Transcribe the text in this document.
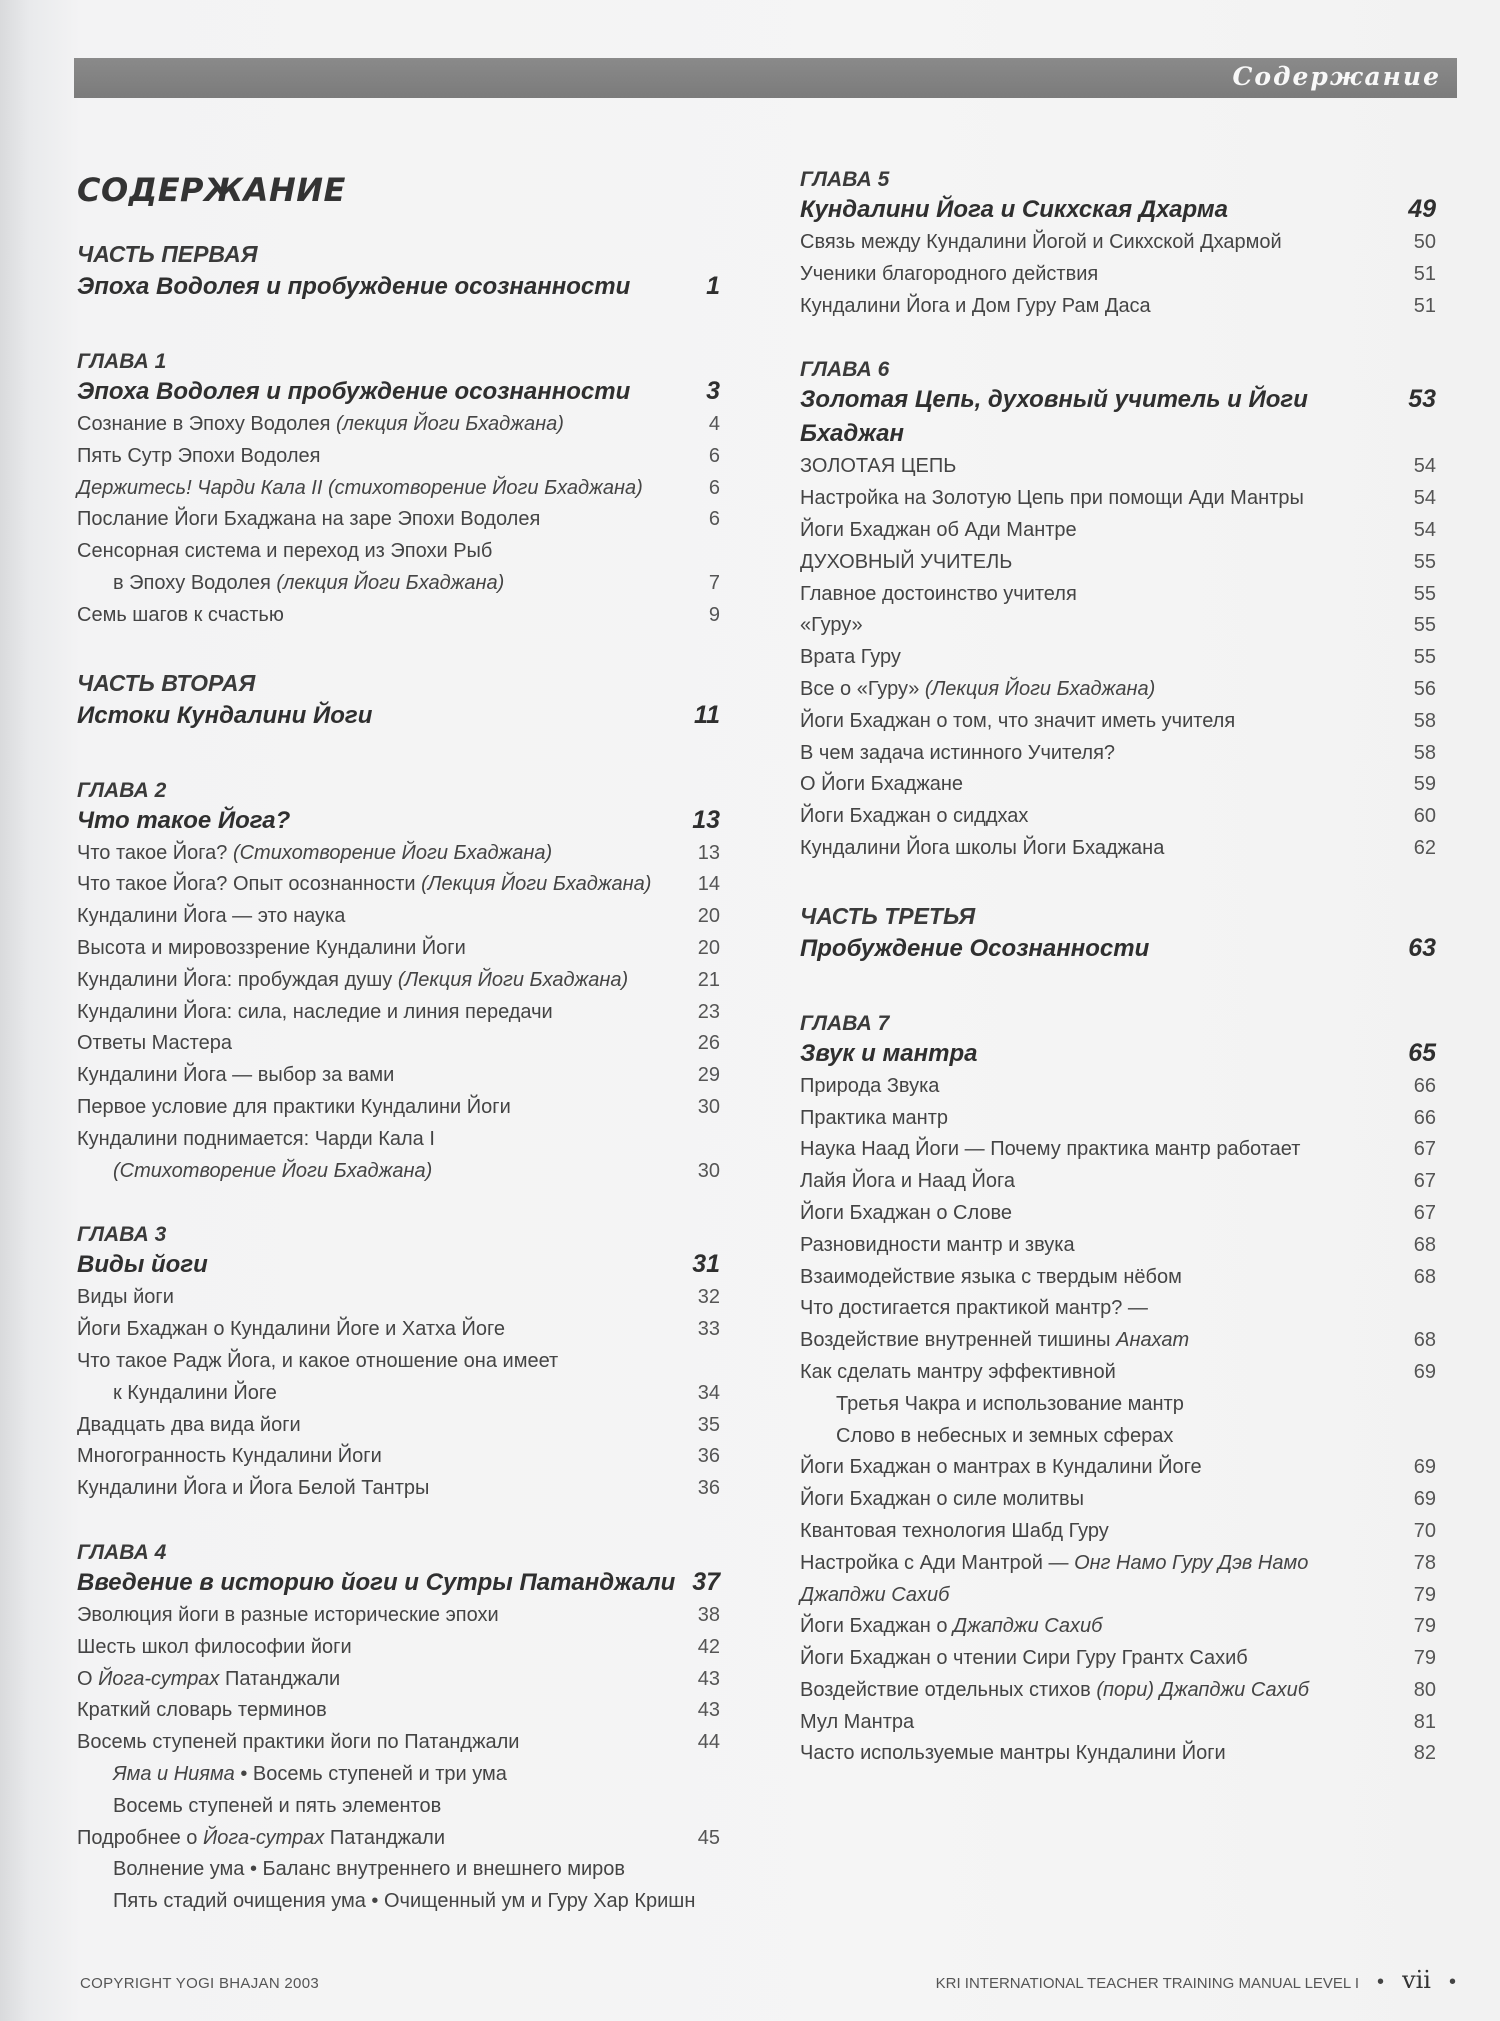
Содержание
СОДЕРЖАНИЕ
ЧАСТЬ ПЕРВАЯ
Эпоха Водолея и пробуждение осознанности	1
ГЛАВА 1
Эпоха Водолея и пробуждение осознанности	3
Сознание в Эпоху Водолея (лекция Йоги Бхаджана)	4
Пять Сутр Эпохи Водолея	6
Держитесь! Чарди Кала II (стихотворение Йоги Бхаджана)	6
Послание Йоги Бхаджана на заре Эпохи Водолея	6
Сенсорная система и переход из Эпохи Рыб
в Эпоху Водолея (лекция Йоги Бхаджана)	7
Семь шагов к счастью	9
ЧАСТЬ ВТОРАЯ
Истоки Кундалини Йоги	11
ГЛАВА 2
Что такое Йога?	13
Что такое Йога? (Стихотворение Йоги Бхаджана)	13
Что такое Йога? Опыт осознанности (Лекция Йоги Бхаджана) 14
Кундалини Йога — это наука	20
Высота и мировоззрение Кундалини Йоги	20
Кундалини Йога: пробуждая душу (Лекция Йоги Бхаджана)	21
Кундалини Йога: сила, наследие и линия передачи	23
Ответы Мастера	26
Кундалини Йога — выбор за вами	29
Первое условие для практики Кундалини Йоги	30
Кундалини поднимается: Чарди Кала I
(Стихотворение Йоги Бхаджана)	30
ГЛАВА 3
Виды йоги	31
Виды йоги	32
Йоги Бхаджан о Кундалини Йоге и Хатха Йоге	33
Что такое Радж Йога, и какое отношение она имеет
к Кундалини Йоге	34
Двадцать два вида йоги	35
Многогранность Кундалини Йоги	36
Кундалини Йога и Йога Белой Тантры	36
ГЛАВА 4
Введение в историю йоги и Сутры Патанджали 37
Эволюция йоги в разные исторические эпохи	38
Шесть школ философии йоги	42
О Йога-сутрах Патанджали	43
Краткий словарь терминов	43
Восемь ступеней практики йоги по Патанджали	44
Яма и Нияма • Восемь ступеней и три ума
Восемь ступеней и пять элементов
Подробнее о Йога-сутрах Патанджали	45
Волнение ума • Баланс внутреннего и внешнего миров
Пять стадий очищения ума • Очищенный ум и Гуру Хар Кришн
ГЛАВА 5
Кундалини Йога и Сикхская Дхарма	49
Связь между Кундалини Йогой и Сикхской Дхармой	50
Ученики благородного действия	51
Кундалини Йога и Дом Гуру Рам Даса	51
ГЛАВА 6
Золотая Цепь, духовный учитель и Йоги Бхаджан
53
ЗОЛОТАЯ ЦЕПЬ	54
Настройка на Золотую Цепь при помощи Ади Мантры	54
Йоги Бхаджан об Ади Мантре	54
ДУХОВНЫЙ УЧИТЕЛЬ	55
Главное достоинство учителя	55
«Гуру»	55
Врата Гуру	55
Все о «Гуру» (Лекция Йоги Бхаджана)	56
Йоги Бхаджан о том, что значит иметь учителя	58
В чем задача истинного Учителя?	58
О Йоги Бхаджане	59
Йоги Бхаджан о сиддхах	60
Кундалини Йога школы Йоги Бхаджана	62
ЧАСТЬ ТРЕТЬЯ
Пробуждение Осознанности	63
ГЛАВА 7
Звук и мантра	65
Природа Звука	66
Практика мантр	66
Наука Наад Йоги — Почему практика мантр работает	67
Лайя Йога и Наад Йога	67
Йоги Бхаджан о Слове	67
Разновидности мантр и звука	68
Взаимодействие языка с твердым нёбом	68
Что достигается практикой мантр? —
Воздействие внутренней тишины Анахат	68
Как сделать мантру эффективной	69
Третья Чакра и использование мантр
Слово в небесных и земных сферах
Йоги Бхаджан о мантрах в Кундалини Йоге	69
Йоги Бхаджан о силе молитвы	69
Квантовая технология Шабд Гуру	70
Настройка с Ади Мантрой — Онг Намо Гуру Дэв Намо	78
Джапджи Сахиб	79
Йоги Бхаджан о Джапджи Сахиб	79
Йоги Бхаджан о чтении Сири Гуру Грантх Сахиб	79
Воздействие отдельных стихов (пори) Джапджи Сахиб	80
Мул Мантра	81
Часто используемые мантры Кундалини Йоги	82
COPYRIGHT YOGI BHAJAN 2003	KRI INTERNATIONAL TEACHER TRAINING MANUAL LEVEL I • vii •
